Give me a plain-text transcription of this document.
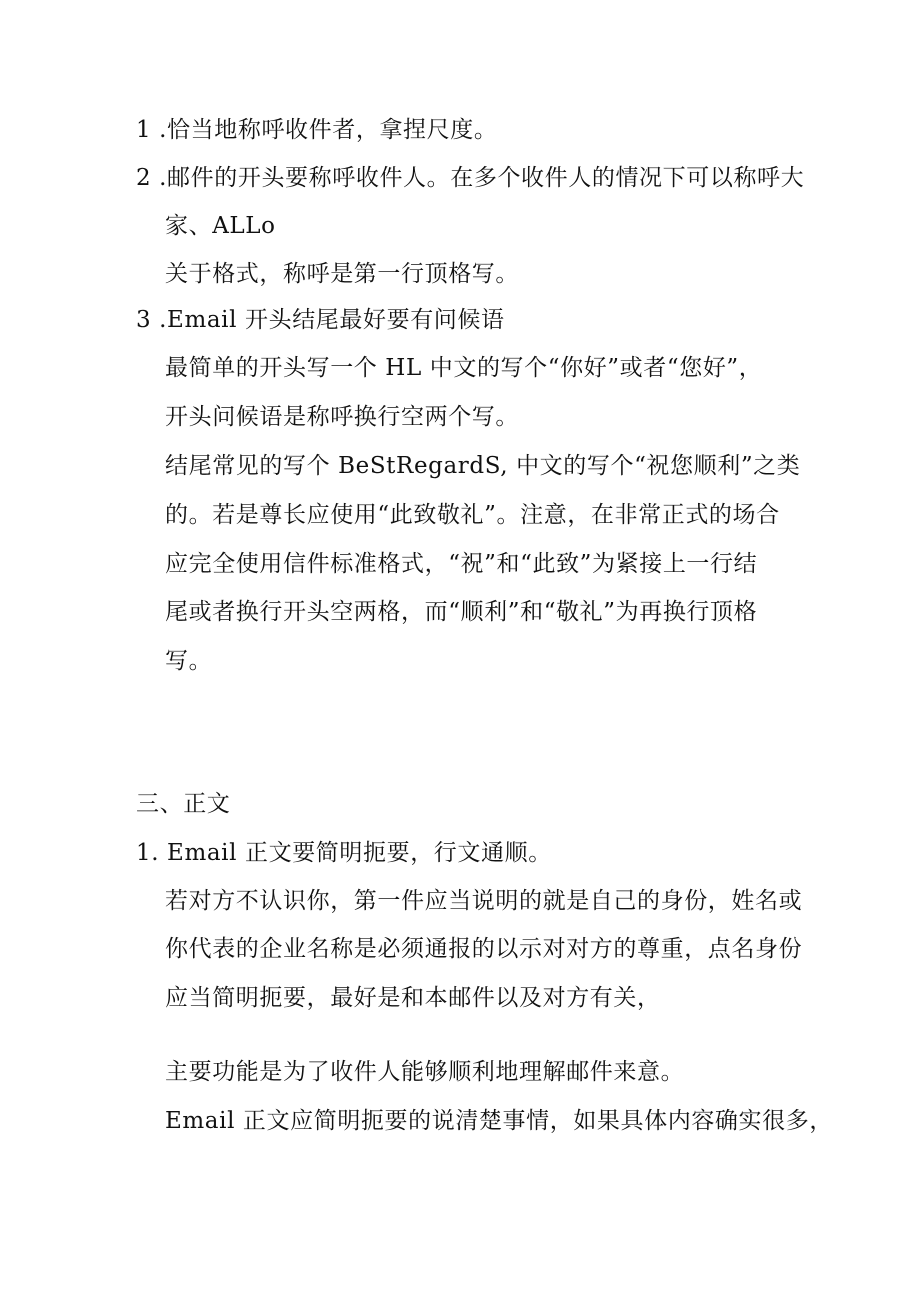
1 .恰当地称呼收件者，拿捏尺度。
2 .邮件的开头要称呼收件人。在多个收件人的情况下可以称呼大
家、ALLo
关于格式，称呼是第一行顶格写。
3 .Email 开头结尾最好要有问候语
最简单的开头写一个 HL 中文的写个“你好”或者“您好”，
开头问候语是称呼换行空两个写。
结尾常见的写个 BeStRegardS, 中文的写个“祝您顺利”之类
的。若是尊长应使用“此致敬礼”。注意，在非常正式的场合
应完全使用信件标准格式，“祝”和“此致”为紧接上一行结
尾或者换行开头空两格，而“顺利”和“敬礼”为再换行顶格
写。
三、正文
1. Email 正文要简明扼要，行文通顺。
若对方不认识你，第一件应当说明的就是自己的身份，姓名或
你代表的企业名称是必须通报的以示对对方的尊重，点名身份
应当简明扼要，最好是和本邮件以及对方有关，
主要功能是为了收件人能够顺利地理解邮件来意。
Email 正文应简明扼要的说清楚事情，如果具体内容确实很多，
